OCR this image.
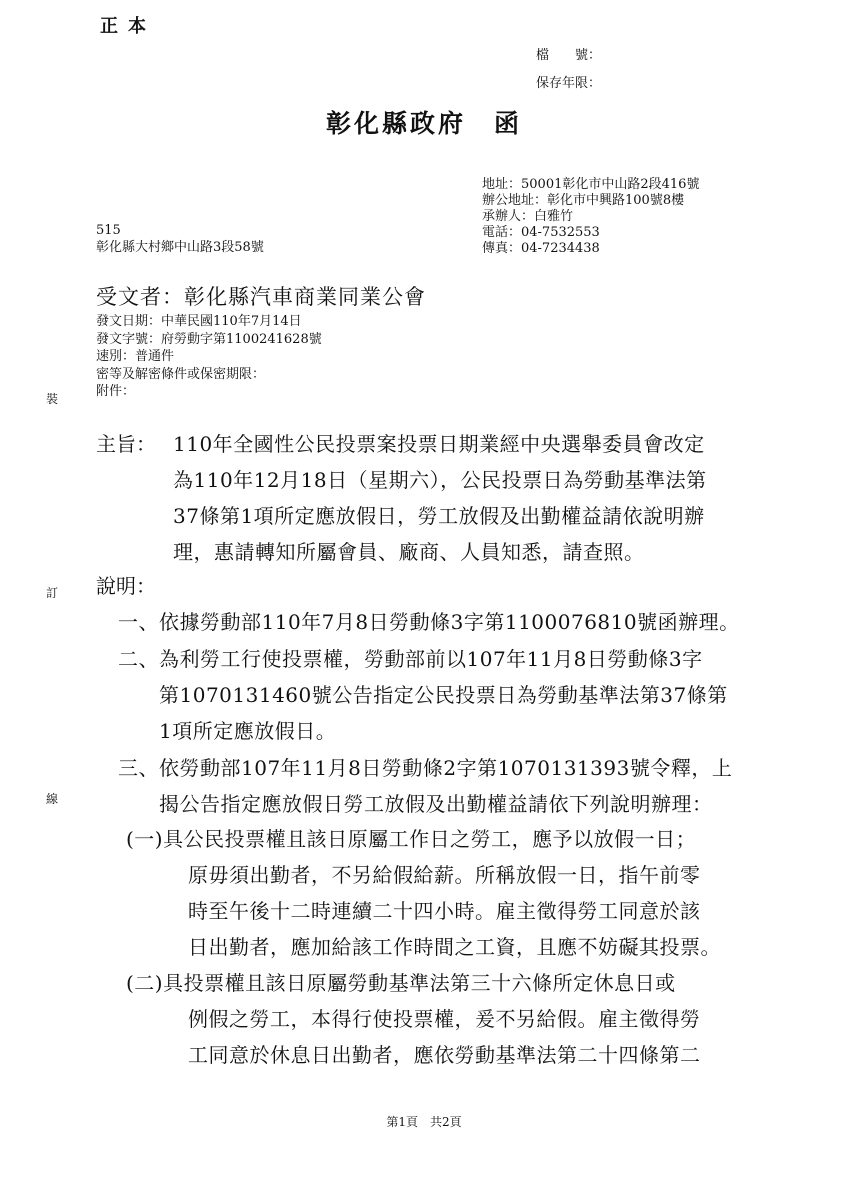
正本
檔　　號：
保存年限：
彰化縣政府　函
地址：50001彰化市中山路2段416號
辦公地址：彰化市中興路100號8樓
承辦人：白雅竹
電話：04-7532553
傳真：04-7234438
515
彰化縣大村鄉中山路3段58號
受文者：彰化縣汽車商業同業公會
發文日期：中華民國110年7月14日
發文字號：府勞動字第1100241628號
速別：普通件
密等及解密條件或保密期限：
附件：
裝
訂
線
主旨： 110年全國性公民投票案投票日期業經中央選舉委員會改定
為110年12月18日（星期六），公民投票日為勞動基準法第
37條第1項所定應放假日，勞工放假及出勤權益請依說明辦
理，惠請轉知所屬會員、廠商、人員知悉，請查照。
說明：
一、依據勞動部110年7月8日勞動條3字第1100076810號函辦理。
二、為利勞工行使投票權，勞動部前以107年11月8日勞動條3字
第1070131460號公告指定公民投票日為勞動基準法第37條第
1項所定應放假日。
三、依勞動部107年11月8日勞動條2字第1070131393號令釋，上
揭公告指定應放假日勞工放假及出勤權益請依下列說明辦理：
(一)具公民投票權且該日原屬工作日之勞工，應予以放假一日；
原毋須出勤者，不另給假給薪。所稱放假一日，指午前零
時至午後十二時連續二十四小時。雇主徵得勞工同意於該
日出勤者，應加給該工作時間之工資，且應不妨礙其投票。
(二)具投票權且該日原屬勞動基準法第三十六條所定休息日或
例假之勞工，本得行使投票權，爰不另給假。雇主徵得勞
工同意於休息日出勤者，應依勞動基準法第二十四條第二
第1頁　共2頁
